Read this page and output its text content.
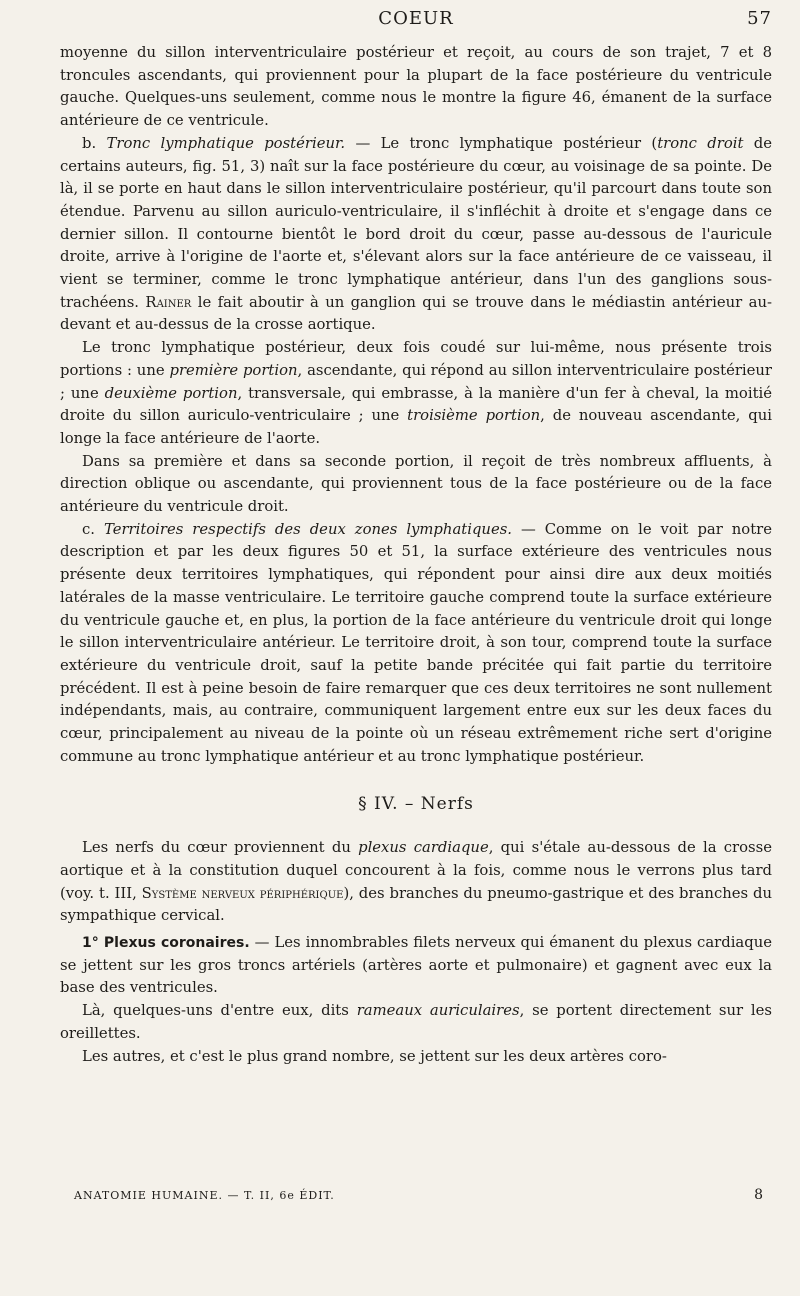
COEUR	57

moyenne du sillon interventriculaire postérieur et reçoit, au cours de son trajet, 7 et 8 troncules ascendants, qui proviennent pour la plupart de la face postérieure du ventricule gauche. Quelques-uns seulement, comme nous le montre la figure 46, émanent de la surface antérieure de ce ventricule.

b. Tronc lymphatique postérieur. — Le tronc lymphatique postérieur (tronc droit de certains auteurs, fig. 51, 3) naît sur la face postérieure du cœur, au voisinage de sa pointe. De là, il se porte en haut dans le sillon interventriculaire postérieur, qu'il parcourt dans toute son étendue. Parvenu au sillon auriculo-ventriculaire, il s'infléchit à droite et s'engage dans ce dernier sillon. Il contourne bientôt le bord droit du cœur, passe au-dessous de l'auricule droite, arrive à l'origine de l'aorte et, s'élevant alors sur la face antérieure de ce vaisseau, il vient se terminer, comme le tronc lymphatique antérieur, dans l'un des ganglions sous-trachéens. Rainer le fait aboutir à un ganglion qui se trouve dans le médiastin antérieur au-devant et au-dessus de la crosse aortique.

Le tronc lymphatique postérieur, deux fois coudé sur lui-même, nous présente trois portions : une première portion, ascendante, qui répond au sillon interventriculaire postérieur ; une deuxième portion, transversale, qui embrasse, à la manière d'un fer à cheval, la moitié droite du sillon auriculo-ventriculaire ; une troisième portion, de nouveau ascendante, qui longe la face antérieure de l'aorte.

Dans sa première et dans sa seconde portion, il reçoit de très nombreux affluents, à direction oblique ou ascendante, qui proviennent tous de la face postérieure ou de la face antérieure du ventricule droit.

c. Territoires respectifs des deux zones lymphatiques. — Comme on le voit par notre description et par les deux figures 50 et 51, la surface extérieure des ventricules nous présente deux territoires lymphatiques, qui répondent pour ainsi dire aux deux moitiés latérales de la masse ventriculaire. Le territoire gauche comprend toute la surface extérieure du ventricule gauche et, en plus, la portion de la face antérieure du ventricule droit qui longe le sillon interventriculaire antérieur. Le territoire droit, à son tour, comprend toute la surface extérieure du ventricule droit, sauf la petite bande précitée qui fait partie du territoire précédent. Il est à peine besoin de faire remarquer que ces deux territoires ne sont nullement indépendants, mais, au contraire, communiquent largement entre eux sur les deux faces du cœur, principalement au niveau de la pointe où un réseau extrêmement riche sert d'origine commune au tronc lymphatique antérieur et au tronc lymphatique postérieur.

§ IV. – Nerfs

Les nerfs du cœur proviennent du plexus cardiaque, qui s'étale au-dessous de la crosse aortique et à la constitution duquel concourent à la fois, comme nous le verrons plus tard (voy. t. III, Système nerveux périphérique), des branches du pneumo-gastrique et des branches du sympathique cervical.

1° Plexus coronaires. — Les innombrables filets nerveux qui émanent du plexus cardiaque se jettent sur les gros troncs artériels (artères aorte et pulmonaire) et gagnent avec eux la base des ventricules.

Là, quelques-uns d'entre eux, dits rameaux auriculaires, se portent directement sur les oreillettes.

Les autres, et c'est le plus grand nombre, se jettent sur les deux artères coro-

ANATOMIE HUMAINE. — T. II, 6e ÉDIT.	8
